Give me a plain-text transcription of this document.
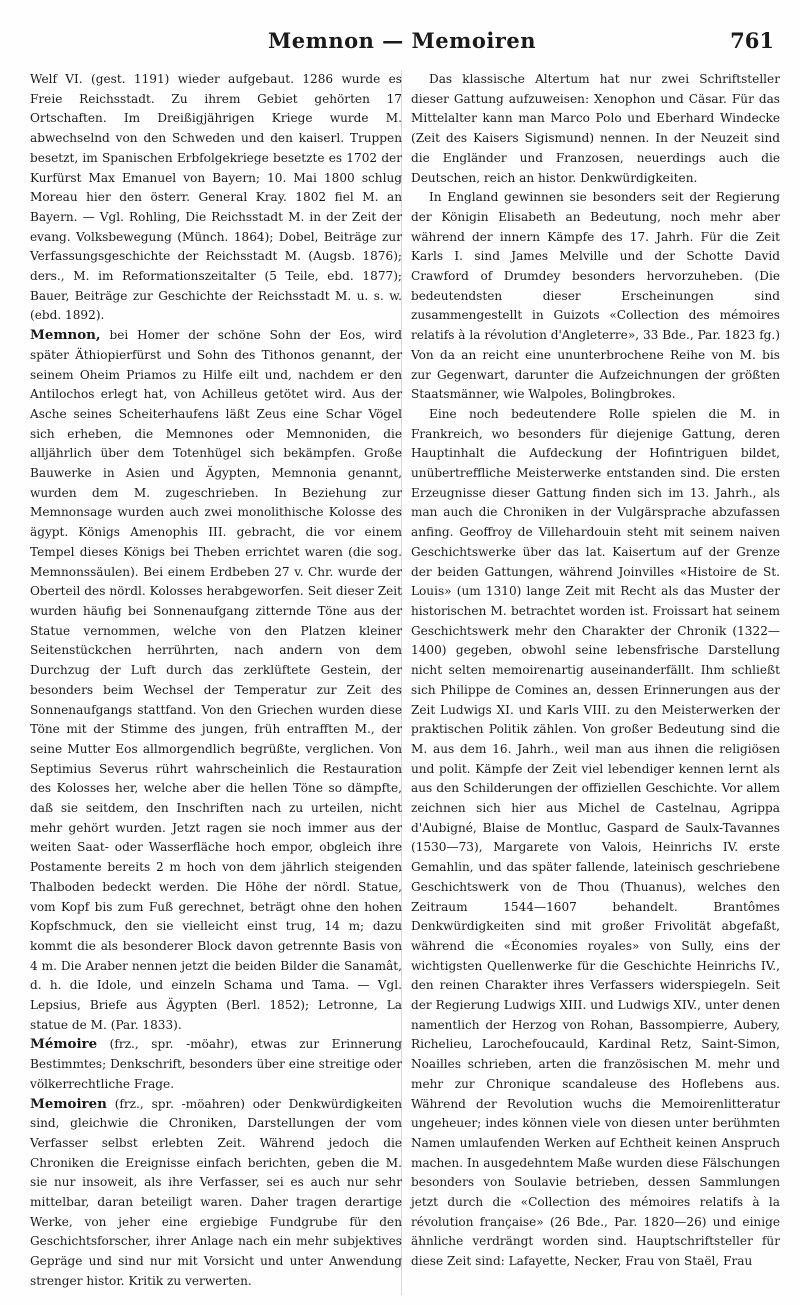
Memnon — Memoiren	761

Welf VI. (gest. 1191) wieder aufgebaut. 1286 wurde es Freie Reichsstadt. Zu ihrem Gebiet gehörten 17 Ortschaften. Im Dreißigjährigen Kriege wurde M. abwechselnd von den Schweden und den kaiserl. Truppen besetzt, im Spanischen Erbfolgekriege besetzte es 1702 der Kurfürst Max Emanuel von Bayern; 10. Mai 1800 schlug Moreau hier den österr. General Kray. 1802 fiel M. an Bayern. — Vgl. Rohling, Die Reichsstadt M. in der Zeit der evang. Volksbewegung (Münch. 1864); Dobel, Beiträge zur Verfassungsgeschichte der Reichsstadt M. (Augsb. 1876); ders., M. im Reformationszeitalter (5 Teile, ebd. 1877); Bauer, Beiträge zur Geschichte der Reichsstadt M. u. s. w. (ebd. 1892).

Memnon, bei Homer der schöne Sohn der Eos, wird später Äthiopierfürst und Sohn des Tithonos genannt, der seinem Oheim Priamos zu Hilfe eilt und, nachdem er den Antilochos erlegt hat, von Achilleus getötet wird. Aus der Asche seines Scheiterhaufens läßt Zeus eine Schar Vögel sich erheben, die Memnones oder Memnoniden, die alljährlich über dem Totenhügel sich bekämpfen. Große Bauwerke in Asien und Ägypten, Memnonia genannt, wurden dem M. zugeschrieben. In Beziehung zur Memnonsage wurden auch zwei monolithische Kolosse des ägypt. Königs Amenophis III. gebracht, die vor einem Tempel dieses Königs bei Theben errichtet waren (die sog. Memnonssäulen). Bei einem Erdbeben 27 v. Chr. wurde der Oberteil des nördl. Kolosses herabgeworfen. Seit dieser Zeit wurden häufig bei Sonnenaufgang zitternde Töne aus der Statue vernommen, welche von den Platzen kleiner Seitenstückchen herrührten, nach andern von dem Durchzug der Luft durch das zerklüftete Gestein, der besonders beim Wechsel der Temperatur zur Zeit des Sonnenaufgangs stattfand. Von den Griechen wurden diese Töne mit der Stimme des jungen, früh entrafften M., der seine Mutter Eos allmorgendlich begrüßte, verglichen. Von Septimius Severus rührt wahrscheinlich die Restauration des Kolosses her, welche aber die hellen Töne so dämpfte, daß sie seitdem, den Inschriften nach zu urteilen, nicht mehr gehört wurden. Jetzt ragen sie noch immer aus der weiten Saat- oder Wasserfläche hoch empor, obgleich ihre Postamente bereits 2 m hoch von dem jährlich steigenden Thalboden bedeckt werden. Die Höhe der nördl. Statue, vom Kopf bis zum Fuß gerechnet, beträgt ohne den hohen Kopfschmuck, den sie vielleicht einst trug, 14 m; dazu kommt die als besonderer Block davon getrennte Basis von 4 m. Die Araber nennen jetzt die beiden Bilder die Sanamât, d. h. die Idole, und einzeln Schama und Tama. — Vgl. Lepsius, Briefe aus Ägypten (Berl. 1852); Letronne, La statue de M. (Par. 1833).

Mémoire (frz., spr. -möahr), etwas zur Erinnerung Bestimmtes; Denkschrift, besonders über eine streitige oder völkerrechtliche Frage.

Memoiren (frz., spr. -möahren) oder Denkwürdigkeiten sind, gleichwie die Chroniken, Darstellungen der vom Verfasser selbst erlebten Zeit. Während jedoch die Chroniken die Ereignisse einfach berichten, geben die M. sie nur insoweit, als ihre Verfasser, sei es auch nur sehr mittelbar, daran beteiligt waren. Daher tragen derartige Werke, von jeher eine ergiebige Fundgrube für den Geschichtsforscher, ihrer Anlage nach ein mehr subjektives Gepräge und sind nur mit Vorsicht und unter Anwendung strenger histor. Kritik zu verwerten.

Das klassische Altertum hat nur zwei Schriftsteller dieser Gattung aufzuweisen: Xenophon und Cäsar. Für das Mittelalter kann man Marco Polo und Eberhard Windecke (Zeit des Kaisers Sigismund) nennen. In der Neuzeit sind die Engländer und Franzosen, neuerdings auch die Deutschen, reich an histor. Denkwürdigkeiten.

In England gewinnen sie besonders seit der Regierung der Königin Elisabeth an Bedeutung, noch mehr aber während der innern Kämpfe des 17. Jahrh. Für die Zeit Karls I. sind James Melville und der Schotte David Crawford of Drumdey besonders hervorzuheben. (Die bedeutendsten dieser Erscheinungen sind zusammengestellt in Guizots «Collection des mémoires relatifs à la révolution d'Angleterre», 33 Bde., Par. 1823 fg.) Von da an reicht eine ununterbrochene Reihe von M. bis zur Gegenwart, darunter die Aufzeichnungen der größten Staatsmänner, wie Walpoles, Bolingbrokes.

Eine noch bedeutendere Rolle spielen die M. in Frankreich, wo besonders für diejenige Gattung, deren Hauptinhalt die Aufdeckung der Hofintriguen bildet, unübertreffliche Meisterwerke entstanden sind. Die ersten Erzeugnisse dieser Gattung finden sich im 13. Jahrh., als man auch die Chroniken in der Vulgärsprache abzufassen anfing. Geoffroy de Villehardouin steht mit seinem naiven Geschichtswerke über das lat. Kaisertum auf der Grenze der beiden Gattungen, während Joinvilles «Histoire de St. Louis» (um 1310) lange Zeit mit Recht als das Muster der historischen M. betrachtet worden ist. Froissart hat seinem Geschichtswerk mehr den Charakter der Chronik (1322—1400) gegeben, obwohl seine lebensfrische Darstellung nicht selten memoirenartig auseinanderfällt. Ihm schließt sich Philippe de Comines an, dessen Erinnerungen aus der Zeit Ludwigs XI. und Karls VIII. zu den Meisterwerken der praktischen Politik zählen. Von großer Bedeutung sind die M. aus dem 16. Jahrh., weil man aus ihnen die religiösen und polit. Kämpfe der Zeit viel lebendiger kennen lernt als aus den Schilderungen der offiziellen Geschichte. Vor allem zeichnen sich hier aus Michel de Castelnau, Agrippa d'Aubigné, Blaise de Montluc, Gaspard de Saulx-Tavannes (1530—73), Margarete von Valois, Heinrichs IV. erste Gemahlin, und das später fallende, lateinisch geschriebene Geschichtswerk von de Thou (Thuanus), welches den Zeitraum 1544—1607 behandelt. Brantômes Denkwürdigkeiten sind mit großer Frivolität abgefaßt, während die «Économies royales» von Sully, eins der wichtigsten Quellenwerke für die Geschichte Heinrichs IV., den reinen Charakter ihres Verfassers widerspiegeln. Seit der Regierung Ludwigs XIII. und Ludwigs XIV., unter denen namentlich der Herzog von Rohan, Bassompierre, Aubery, Richelieu, Larochefoucauld, Kardinal Retz, Saint-Simon, Noailles schrieben, arten die französischen M. mehr und mehr zur Chronique scandaleuse des Hoflebens aus. Während der Revolution wuchs die Memoirenlitteratur ungeheuer; indes können viele von diesen unter berühmten Namen umlaufenden Werken auf Echtheit keinen Anspruch machen. In ausgedehntem Maße wurden diese Fälschungen besonders von Soulavie betrieben, dessen Sammlungen jetzt durch die «Collection des mémoires relatifs à la révolution française» (26 Bde., Par. 1820—26) und einige ähnliche verdrängt worden sind. Hauptschriftsteller für diese Zeit sind: Lafayette, Necker, Frau von Staël, Frau
